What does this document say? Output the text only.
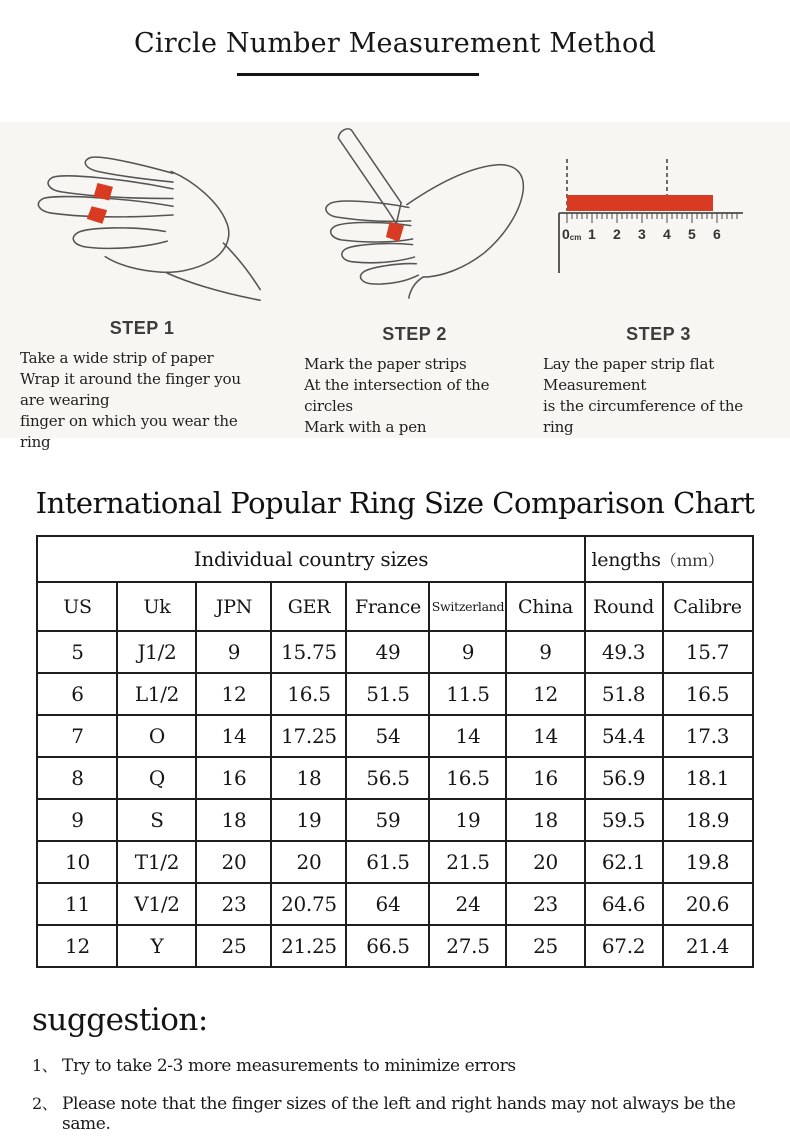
Circle Number Measurement Method
STEP 1
Take a wide strip of paper
Wrap it around the finger you are wearing
finger on which you wear the ring
STEP 2
Mark the paper strips
At the intersection of the circles
Mark with a pen
0cm 1 2 3 4 5 6
STEP 3
Lay the paper strip flat
Measurement
is the circumference of the ring
International Popular Ring Size Comparison Chart
Individual country sizes							lengths（ｍｍ）	
US	Uk	JPN	GER	France	Switzerland	China	Round	Calibre
5	J1/2	9	15.75	49	9	9	49.3	15.7
6	L1/2	12	16.5	51.5	11.5	12	51.8	16.5
7	O	14	17.25	54	14	14	54.4	17.3
8	Q	16	18	56.5	16.5	16	56.9	18.1
9	S	18	19	59	19	18	59.5	18.9
10	T1/2	20	20	61.5	21.5	20	62.1	19.8
11	V1/2	23	20.75	64	24	23	64.6	20.6
12	Y	25	21.25	66.5	27.5	25	67.2	21.4
suggestion:
1、 Try to take 2-3 more measurements to minimize errors
2、 Please note that the finger sizes of the left and right hands may not always be the same.
